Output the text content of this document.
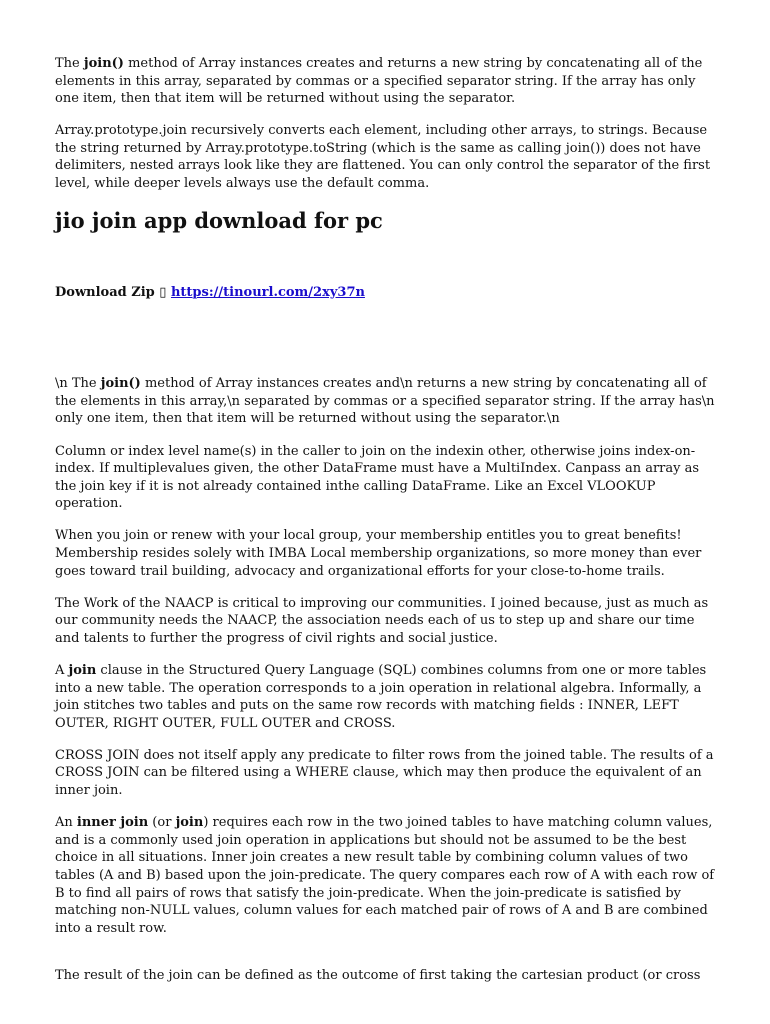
The join() method of Array instances creates and returns a new string by concatenating all of the elements in this array, separated by commas or a specified separator string. If the array has only one item, then that item will be returned without using the separator.

Array.prototype.join recursively converts each element, including other arrays, to strings. Because the string returned by Array.prototype.toString (which is the same as calling join()) does not have delimiters, nested arrays look like they are flattened. You can only control the separator of the first level, while deeper levels always use the default comma.

jio join app download for pc

Download Zip ▯ https://tinourl.com/2xy37n

\n The join() method of Array instances creates and\n returns a new string by concatenating all of the elements in this array,\n separated by commas or a specified separator string. If the array has\n only one item, then that item will be returned without using the separator.\n

Column or index level name(s) in the caller to join on the indexin other, otherwise joins index-on-index. If multiplevalues given, the other DataFrame must have a MultiIndex. Canpass an array as the join key if it is not already contained inthe calling DataFrame. Like an Excel VLOOKUP operation.

When you join or renew with your local group, your membership entitles you to great benefits! Membership resides solely with IMBA Local membership organizations, so more money than ever goes toward trail building, advocacy and organizational efforts for your close-to-home trails.

The Work of the NAACP is critical to improving our communities. I joined because, just as much as our community needs the NAACP, the association needs each of us to step up and share our time and talents to further the progress of civil rights and social justice.

A join clause in the Structured Query Language (SQL) combines columns from one or more tables into a new table. The operation corresponds to a join operation in relational algebra. Informally, a join stitches two tables and puts on the same row records with matching fields : INNER, LEFT OUTER, RIGHT OUTER, FULL OUTER and CROSS.

CROSS JOIN does not itself apply any predicate to filter rows from the joined table. The results of a CROSS JOIN can be filtered using a WHERE clause, which may then produce the equivalent of an inner join.

An inner join (or join) requires each row in the two joined tables to have matching column values, and is a commonly used join operation in applications but should not be assumed to be the best choice in all situations. Inner join creates a new result table by combining column values of two tables (A and B) based upon the join-predicate. The query compares each row of A with each row of B to find all pairs of rows that satisfy the join-predicate. When the join-predicate is satisfied by matching non-NULL values, column values for each matched pair of rows of A and B are combined into a result row.

The result of the join can be defined as the outcome of first taking the cartesian product (or cross
